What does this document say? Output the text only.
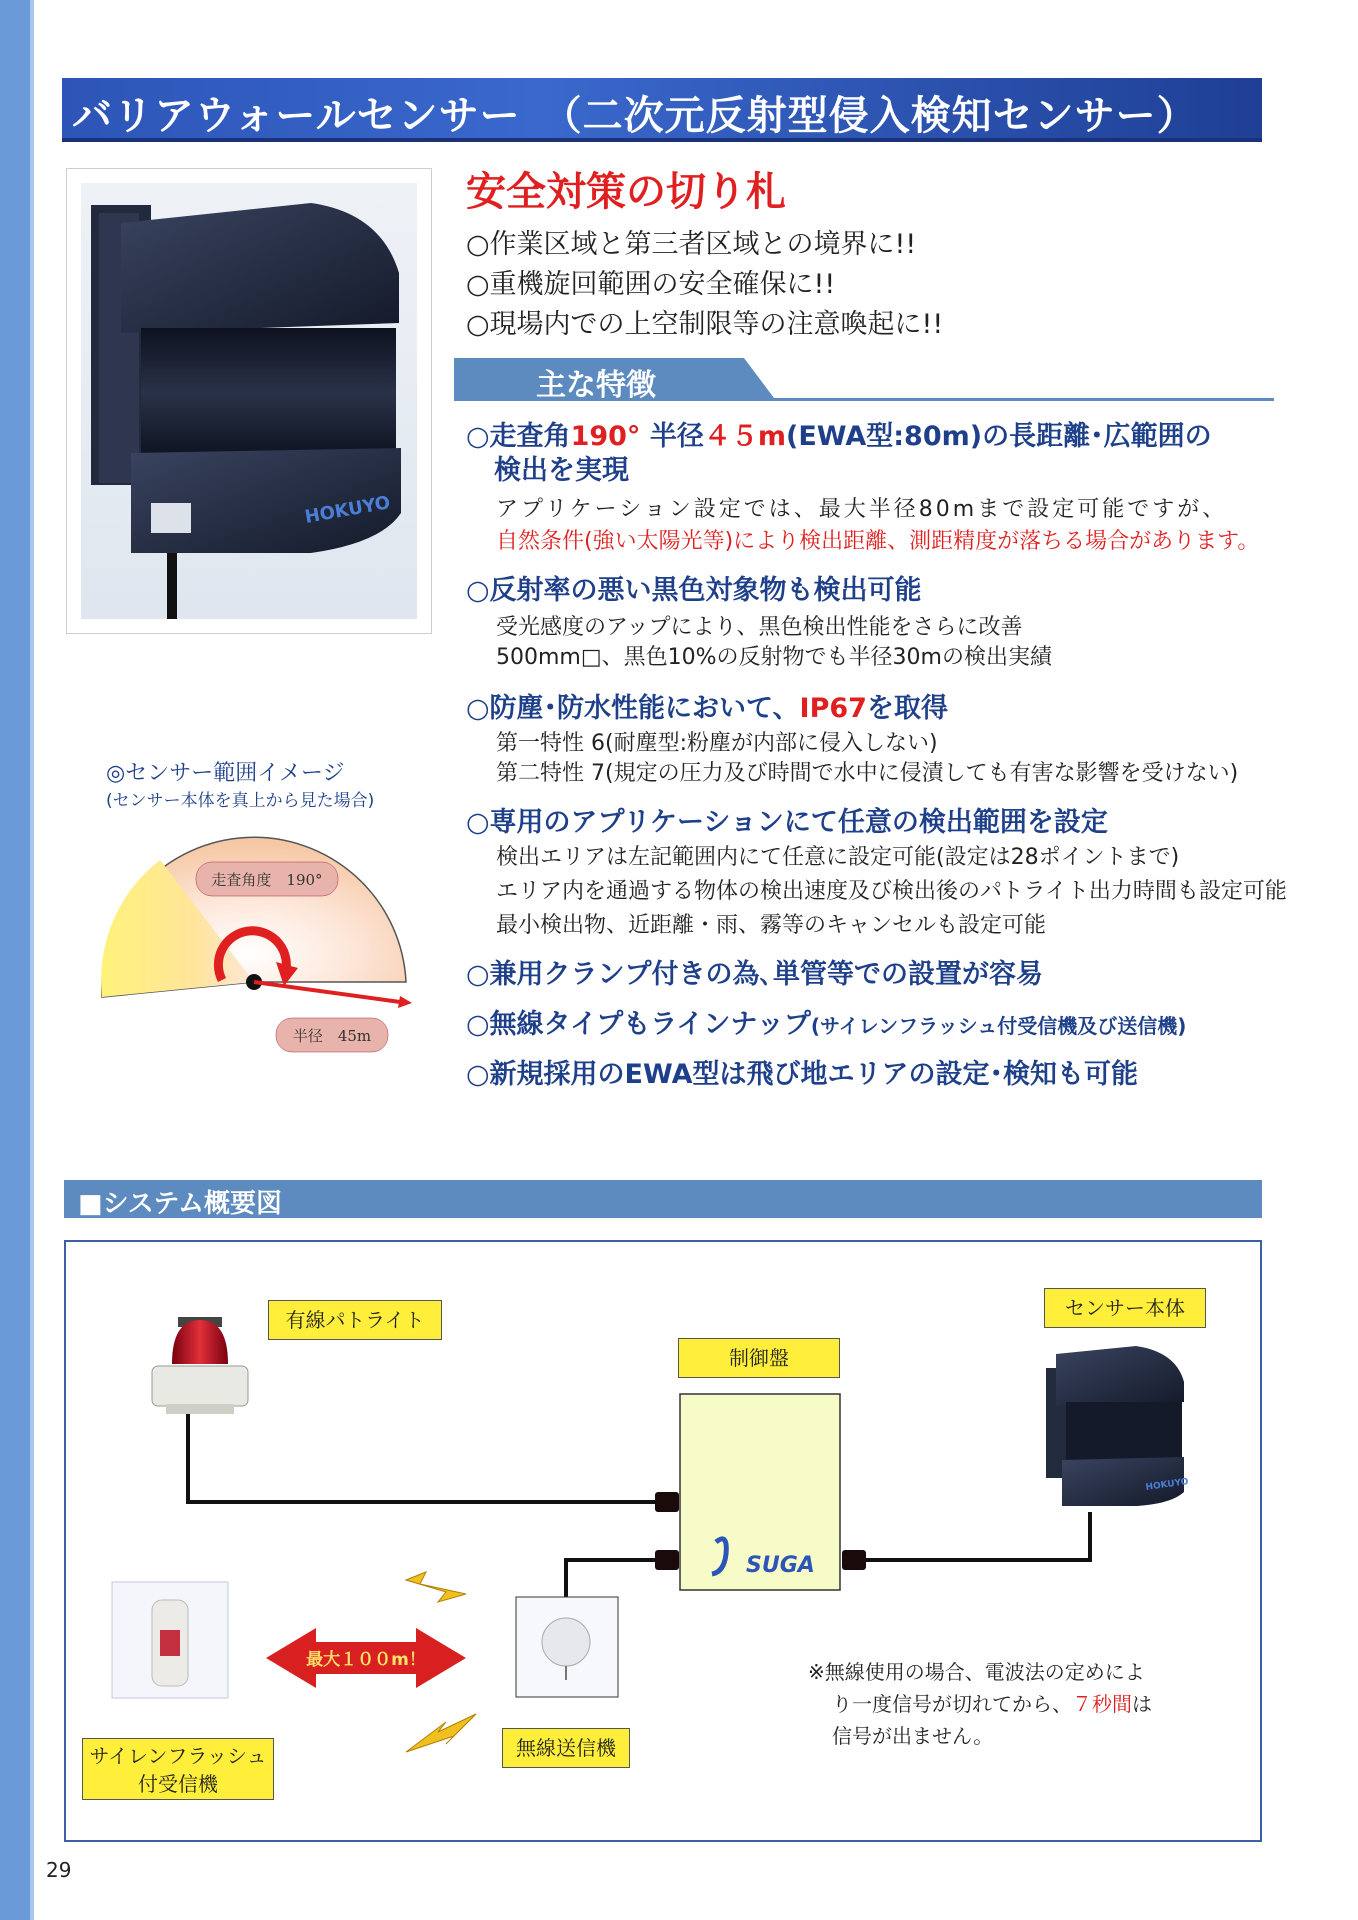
バリアウォールセンサー　（二次元反射型侵入検知センサー）
HOKUYO
安全対策の切り札
○作業区域と第三者区域との境界に!!
○重機旋回範囲の安全確保に!!
○現場内での上空制限等の注意喚起に!!
主な特徴
○走査角190° 半径４５m(EWA型:80m)の長距離･広範囲の
検出を実現
アプリケーション設定では、最大半径80mまで設定可能ですが、
自然条件(強い太陽光等)により検出距離、測距精度が落ちる場合があります。
○反射率の悪い黒色対象物も検出可能
受光感度のアップにより、黒色検出性能をさらに改善
500mm□、黒色10%の反射物でも半径30mの検出実績
○防塵･防水性能において、IP67を取得
第一特性 6(耐塵型:粉塵が内部に侵入しない)
第二特性 7(規定の圧力及び時間で水中に侵漬しても有害な影響を受けない)
○専用のアプリケーションにて任意の検出範囲を設定
検出エリアは左記範囲内にて任意に設定可能(設定は28ポイントまで)
エリア内を通過する物体の検出速度及び検出後のパトライト出力時間も設定可能
最小検出物、近距離・雨、霧等のキャンセルも設定可能
○兼用クランプ付きの為､単管等での設置が容易
○無線タイプもラインナップ(サイレンフラッシュ付受信機及び送信機)
○新規採用のEWA型は飛び地エリアの設定･検知も可能
◎センサー範囲イメージ
(センサー本体を真上から見た場合)
走査角度　190°
半径　45m
■システム概要図
SUGA
HOKUYO
最大１００m！
有線パトライト
制御盤
センサー本体
サイレンフラッシュ
付受信機
無線送信機
※無線使用の場合、電波法の定めによ
り一度信号が切れてから、７秒間は
信号が出ません。
29
